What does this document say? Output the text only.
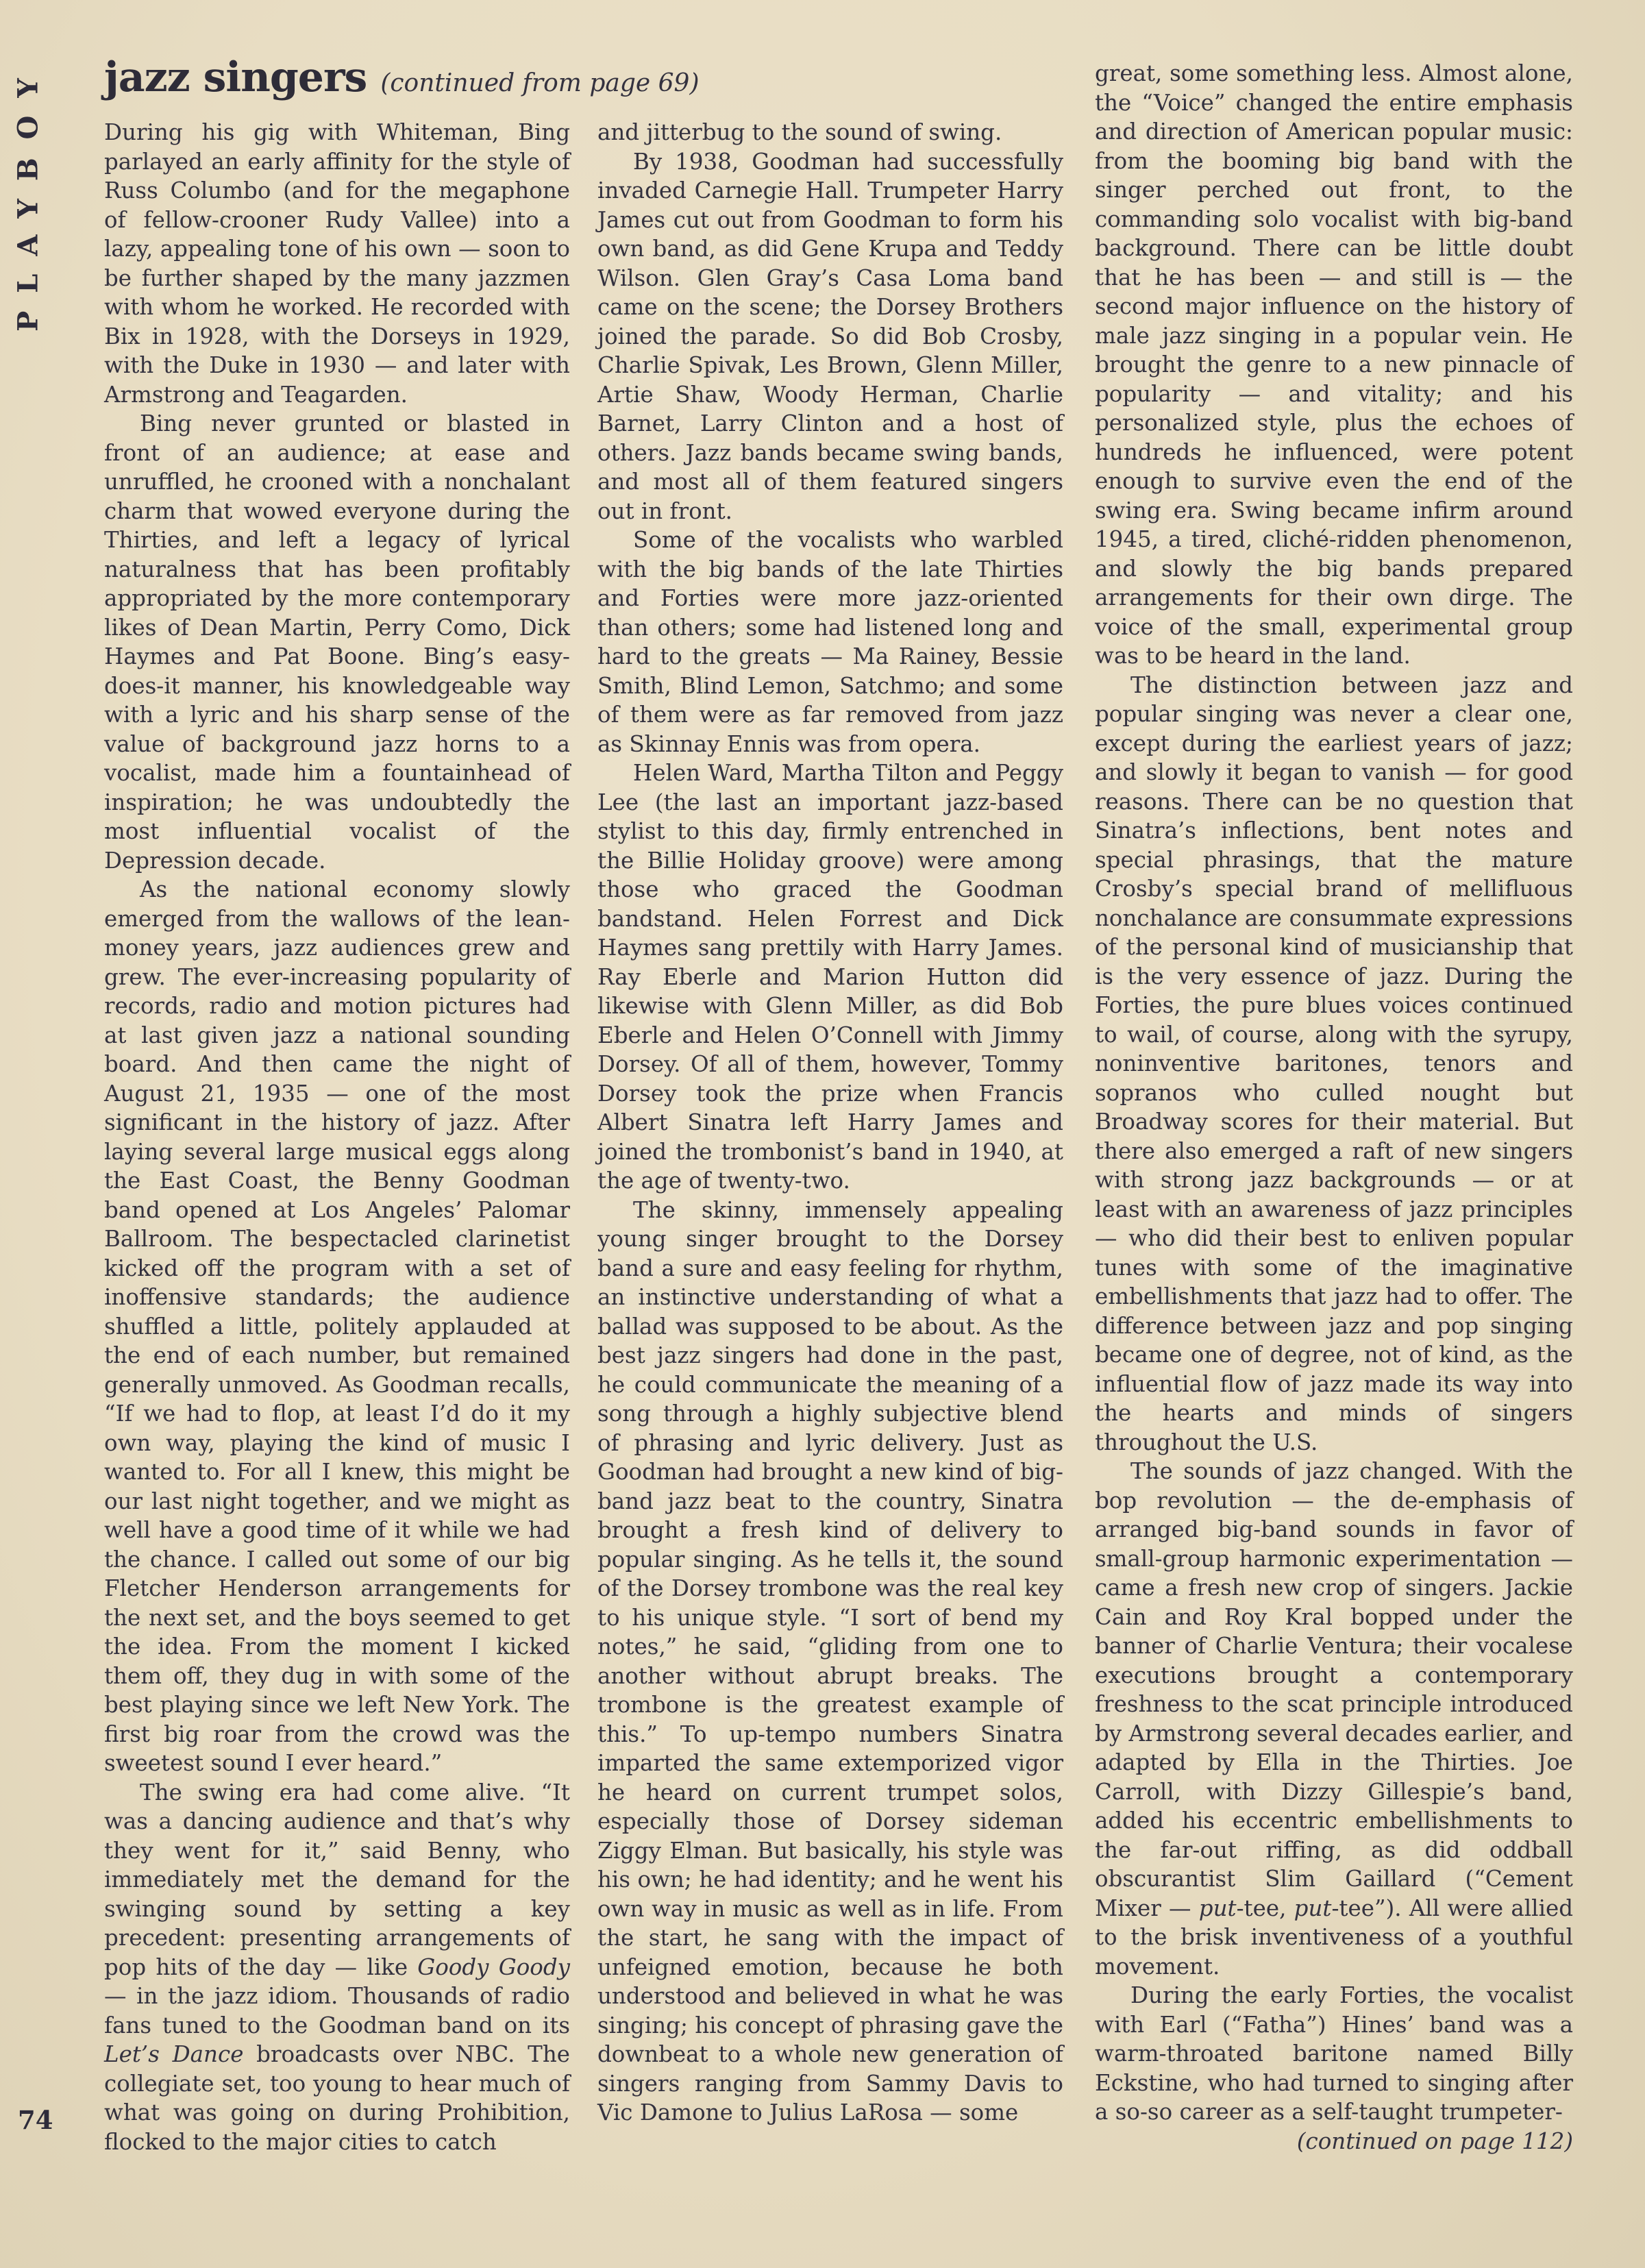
PLAYBOY jazz singers (continued from page 69)

During his gig with Whiteman, Bing parlayed an early affinity for the style of Russ Columbo (and for the megaphone of fellow-crooner Rudy Vallee) into a lazy, appealing tone of his own — soon to be further shaped by the many jazzmen with whom he worked. He recorded with Bix in 1928, with the Dorseys in 1929, with the Duke in 1930 — and later with Armstrong and Teagarden.

Bing never grunted or blasted in front of an audience; at ease and unruffled, he crooned with a nonchalant charm that wowed everyone during the Thirties, and left a legacy of lyrical naturalness that has been profitably appropriated by the more contemporary likes of Dean Martin, Perry Como, Dick Haymes and Pat Boone. Bing’s easy-does-it manner, his knowledgeable way with a lyric and his sharp sense of the value of background jazz horns to a vocalist, made him a fountainhead of inspiration; he was undoubtedly the most influential vocalist of the Depression decade.

As the national economy slowly emerged from the wallows of the lean-money years, jazz audiences grew and grew. The ever-increasing popularity of records, radio and motion pictures had at last given jazz a national sounding board. And then came the night of August 21, 1935 — one of the most significant in the history of jazz. After laying several large musical eggs along the East Coast, the Benny Goodman band opened at Los Angeles’ Palomar Ballroom. The bespectacled clarinetist kicked off the program with a set of inoffensive standards; the audience shuffled a little, politely applauded at the end of each number, but remained generally unmoved. As Goodman recalls, “If we had to flop, at least I’d do it my own way, playing the kind of music I wanted to. For all I knew, this might be our last night together, and we might as well have a good time of it while we had the chance. I called out some of our big Fletcher Henderson arrangements for the next set, and the boys seemed to get the idea. From the moment I kicked them off, they dug in with some of the best playing since we left New York. The first big roar from the crowd was the sweetest sound I ever heard.”

The swing era had come alive. “It was a dancing audience and that’s why they went for it,” said Benny, who immediately met the demand for the swinging sound by setting a key precedent: presenting arrangements of pop hits of the day — like Goody Goody — in the jazz idiom. Thousands of radio fans tuned to the Goodman band on its Let’s Dance broadcasts over NBC. The collegiate set, too young to hear much of what was going on during Prohibition, flocked to the major cities to catch

and jitterbug to the sound of swing.

By 1938, Goodman had successfully invaded Carnegie Hall. Trumpeter Harry James cut out from Goodman to form his own band, as did Gene Krupa and Teddy Wilson. Glen Gray’s Casa Loma band came on the scene; the Dorsey Brothers joined the parade. So did Bob Crosby, Charlie Spivak, Les Brown, Glenn Miller, Artie Shaw, Woody Herman, Charlie Barnet, Larry Clinton and a host of others. Jazz bands became swing bands, and most all of them featured singers out in front.

Some of the vocalists who warbled with the big bands of the late Thirties and Forties were more jazz-oriented than others; some had listened long and hard to the greats — Ma Rainey, Bessie Smith, Blind Lemon, Satchmo; and some of them were as far removed from jazz as Skinnay Ennis was from opera.

Helen Ward, Martha Tilton and Peggy Lee (the last an important jazz-based stylist to this day, firmly entrenched in the Billie Holiday groove) were among those who graced the Goodman bandstand. Helen Forrest and Dick Haymes sang prettily with Harry James. Ray Eberle and Marion Hutton did likewise with Glenn Miller, as did Bob Eberle and Helen O’Connell with Jimmy Dorsey. Of all of them, however, Tommy Dorsey took the prize when Francis Albert Sinatra left Harry James and joined the trombonist’s band in 1940, at the age of twenty-two.

The skinny, immensely appealing young singer brought to the Dorsey band a sure and easy feeling for rhythm, an instinctive understanding of what a ballad was supposed to be about. As the best jazz singers had done in the past, he could communicate the meaning of a song through a highly subjective blend of phrasing and lyric delivery. Just as Goodman had brought a new kind of big-band jazz beat to the country, Sinatra brought a fresh kind of delivery to popular singing. As he tells it, the sound of the Dorsey trombone was the real key to his unique style. “I sort of bend my notes,” he said, “gliding from one to another without abrupt breaks. The trombone is the greatest example of this.” To up-tempo numbers Sinatra imparted the same extemporized vigor he heard on current trumpet solos, especially those of Dorsey sideman Ziggy Elman. But basically, his style was his own; he had identity; and he went his own way in music as well as in life. From the start, he sang with the impact of unfeigned emotion, because he both understood and believed in what he was singing; his concept of phrasing gave the downbeat to a whole new generation of singers ranging from Sammy Davis to Vic Damone to Julius LaRosa — some

great, some something less. Almost alone, the “Voice” changed the entire emphasis and direction of American popular music: from the booming big band with the singer perched out front, to the commanding solo vocalist with big-band background. There can be little doubt that he has been — and still is — the second major influence on the history of male jazz singing in a popular vein. He brought the genre to a new pinnacle of popularity — and vitality; and his personalized style, plus the echoes of hundreds he influenced, were potent enough to survive even the end of the swing era. Swing became infirm around 1945, a tired, cliché-ridden phenomenon, and slowly the big bands prepared arrangements for their own dirge. The voice of the small, experimental group was to be heard in the land.

The distinction between jazz and popular singing was never a clear one, except during the earliest years of jazz; and slowly it began to vanish — for good reasons. There can be no question that Sinatra’s inflections, bent notes and special phrasings, that the mature Crosby’s special brand of mellifluous nonchalance are consummate expressions of the personal kind of musicianship that is the very essence of jazz. During the Forties, the pure blues voices continued to wail, of course, along with the syrupy, noninventive baritones, tenors and sopranos who culled nought but Broadway scores for their material. But there also emerged a raft of new singers with strong jazz backgrounds — or at least with an awareness of jazz principles — who did their best to enliven popular tunes with some of the imaginative embellishments that jazz had to offer. The difference between jazz and pop singing became one of degree, not of kind, as the influential flow of jazz made its way into the hearts and minds of singers throughout the U.S.

The sounds of jazz changed. With the bop revolution — the de-emphasis of arranged big-band sounds in favor of small-group harmonic experimentation — came a fresh new crop of singers. Jackie Cain and Roy Kral bopped under the banner of Charlie Ventura; their vocalese executions brought a contemporary freshness to the scat principle introduced by Armstrong several decades earlier, and adapted by Ella in the Thirties. Joe Carroll, with Dizzy Gillespie’s band, added his eccentric embellishments to the far-out riffing, as did oddball obscurantist Slim Gaillard (“Cement Mixer — put-tee, put-tee”). All were allied to the brisk inventiveness of a youthful movement.

During the early Forties, the vocalist with Earl (“Fatha”) Hines’ band was a warm-throated baritone named Billy Eckstine, who had turned to singing after a so-so career as a self-taught trumpeter-

(continued on page 112)

74
